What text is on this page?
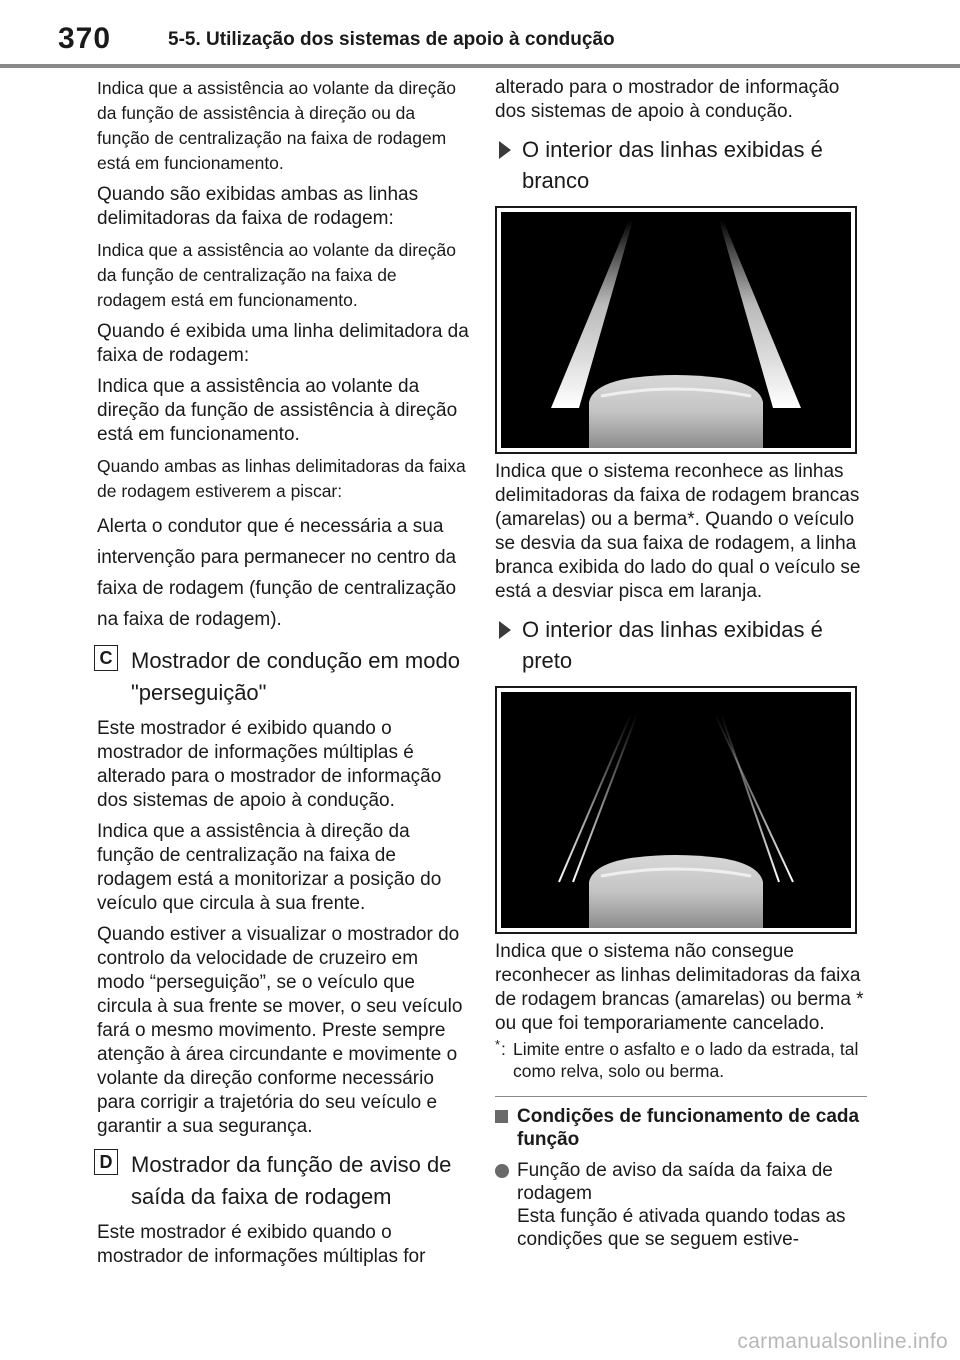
370	5-5. Utilização dos sistemas de apoio à condução

Indica que a assistência ao volante da direção da função de assistência à direção ou da função de centralização na faixa de rodagem está em funcionamento.

Quando são exibidas ambas as linhas delimitadoras da faixa de rodagem:

Indica que a assistência ao volante da direção da função de centralização na faixa de rodagem está em funcionamento.

Quando é exibida uma linha delimitadora da faixa de rodagem:

Indica que a assistência ao volante da direção da função de assistência à direção está em funcionamento.

Quando ambas as linhas delimitadoras da faixa de rodagem estiverem a piscar:

Alerta o condutor que é necessária a sua intervenção para permanecer no centro da faixa de rodagem (função de centralização na faixa de rodagem).

C Mostrador de condução em modo "perseguição"

Este mostrador é exibido quando o mostrador de informações múltiplas é alterado para o mostrador de informação dos sistemas de apoio à condução.

Indica que a assistência à direção da função de centralização na faixa de rodagem está a monitorizar a posição do veículo que circula à sua frente.

Quando estiver a visualizar o mostrador do controlo da velocidade de cruzeiro em modo “perseguição”, se o veículo que circula à sua frente se mover, o seu veículo fará o mesmo movimento. Preste sempre atenção à área circundante e movimente o volante da direção conforme necessário para corrigir a trajetória do seu veículo e garantir a sua segurança.

D Mostrador da função de aviso de saída da faixa de rodagem

Este mostrador é exibido quando o mostrador de informações múltiplas for

alterado para o mostrador de informação dos sistemas de apoio à condução.

O interior das linhas exibidas é branco

Indica que o sistema reconhece as linhas delimitadoras da faixa de rodagem brancas (amarelas) ou a berma*. Quando o veículo se desvia da sua faixa de rodagem, a linha branca exibida do lado do qual o veículo se está a desviar pisca em laranja.

O interior das linhas exibidas é preto

Indica que o sistema não consegue reconhecer as linhas delimitadoras da faixa de rodagem brancas (amarelas) ou berma * ou que foi temporariamente cancelado.

* : Limite entre o asfalto e o lado da estrada, tal como relva, solo ou berma.
Condições de funcionamento de cada função
Função de aviso da saída da faixa de rodagem
Esta função é ativada quando todas as condições que se seguem estive-
carmanualsonline.info
